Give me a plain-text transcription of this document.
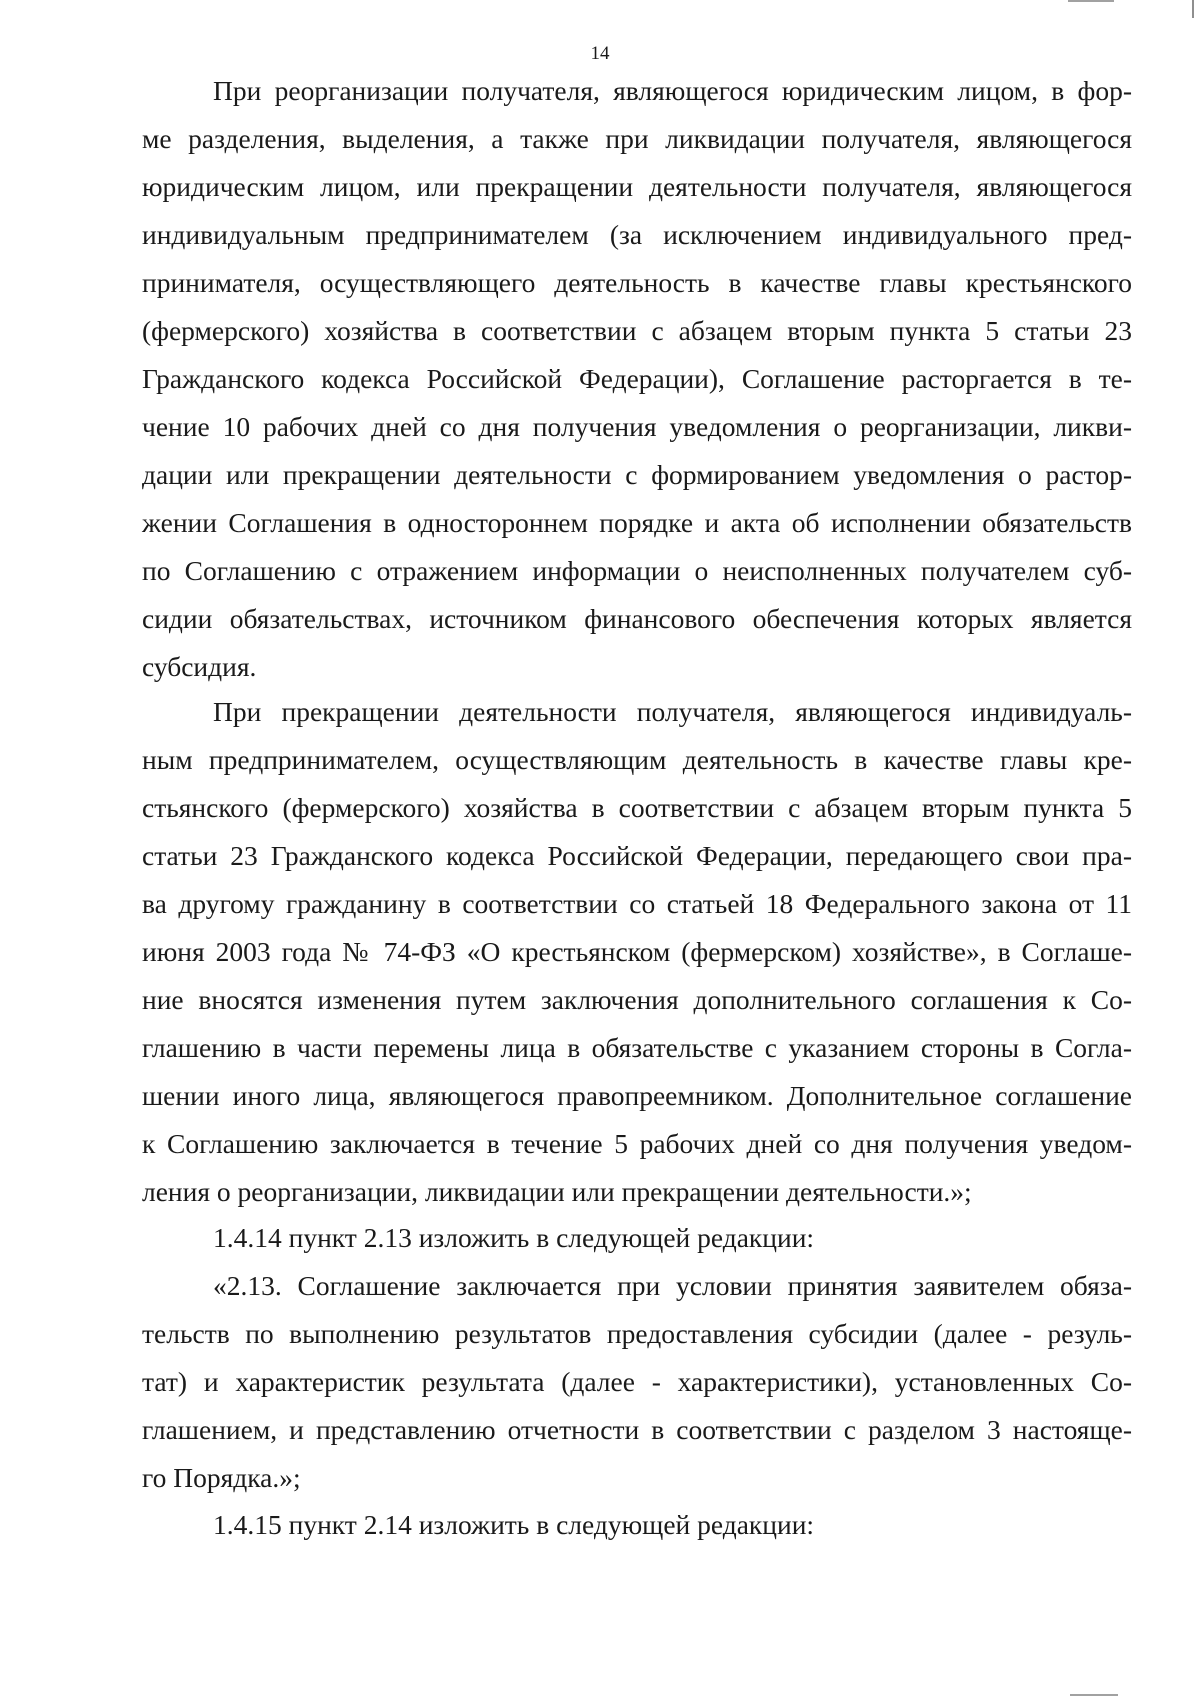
14
При реорганизации получателя, являющегося юридическим лицом, в фор-
ме разделения, выделения, а также при ликвидации получателя, являющегося
юридическим лицом, или прекращении деятельности получателя, являющегося
индивидуальным предпринимателем (за исключением индивидуального пред-
принимателя, осуществляющего деятельность в качестве главы крестьянского
(фермерского) хозяйства в соответствии с абзацем вторым пункта 5 статьи 23
Гражданского кодекса Российской Федерации), Соглашение расторгается в те-
чение 10 рабочих дней со дня получения уведомления о реорганизации, ликви-
дации или прекращении деятельности с формированием уведомления о растор-
жении Соглашения в одностороннем порядке и акта об исполнении обязательств
по Соглашению с отражением информации о неисполненных получателем суб-
сидии обязательствах, источником финансового обеспечения которых является
субсидия.
При прекращении деятельности получателя, являющегося индивидуаль-
ным предпринимателем, осуществляющим деятельность в качестве главы кре-
стьянского (фермерского) хозяйства в соответствии с абзацем вторым пункта 5
статьи 23 Гражданского кодекса Российской Федерации, передающего свои пра-
ва другому гражданину в соответствии со статьей 18 Федерального закона от 11
июня 2003 года № 74-ФЗ «О крестьянском (фермерском) хозяйстве», в Соглаше-
ние вносятся изменения путем заключения дополнительного соглашения к Со-
глашению в части перемены лица в обязательстве с указанием стороны в Согла-
шении иного лица, являющегося правопреемником. Дополнительное соглашение
к Соглашению заключается в течение 5 рабочих дней со дня получения уведом-
ления о реорганизации, ликвидации или прекращении деятельности.»;
1.4.14 пункт 2.13 изложить в следующей редакции:
«2.13. Соглашение заключается при условии принятия заявителем обяза-
тельств по выполнению результатов предоставления субсидии (далее - резуль-
тат) и характеристик результата (далее - характеристики), установленных Со-
глашением, и представлению отчетности в соответствии с разделом 3 настояще-
го Порядка.»;
1.4.15 пункт 2.14 изложить в следующей редакции:
